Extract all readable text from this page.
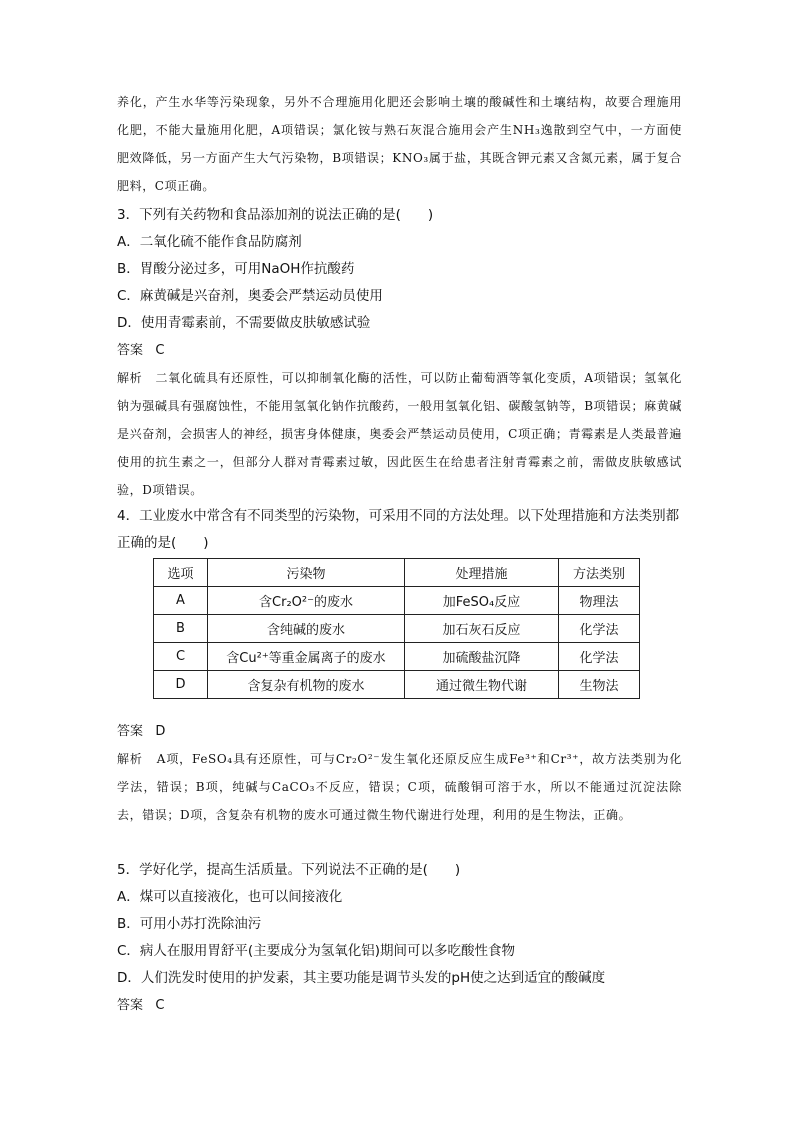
养化，产生水华等污染现象，另外不合理施用化肥还会影响土壤的酸碱性和土壤结构，故要合理施用化肥，不能大量施用化肥，A项错误；氯化铵与熟石灰混合施用会产生NH₃逸散到空气中，一方面使肥效降低，另一方面产生大气污染物，B项错误；KNO₃属于盐，其既含钾元素又含氮元素，属于复合肥料，C项正确。

3．下列有关药物和食品添加剂的说法正确的是(　　)

A．二氧化硫不能作食品防腐剂

B．胃酸分泌过多，可用NaOH作抗酸药

C．麻黄碱是兴奋剂，奥委会严禁运动员使用

D．使用青霉素前，不需要做皮肤敏感试验

答案 C

解析 二氧化硫具有还原性，可以抑制氧化酶的活性，可以防止葡萄酒等氧化变质，A项错误；氢氧化钠为强碱具有强腐蚀性，不能用氢氧化钠作抗酸药，一般用氢氧化铝、碳酸氢钠等，B项错误；麻黄碱是兴奋剂，会损害人的神经，损害身体健康，奥委会严禁运动员使用，C项正确；青霉素是人类最普遍使用的抗生素之一，但部分人群对青霉素过敏，因此医生在给患者注射青霉素之前，需做皮肤敏感试验，D项错误。

4．工业废水中常含有不同类型的污染物，可采用不同的方法处理。以下处理措施和方法类别都正确的是(　　)

选项	污染物	处理措施	方法类别
A	含Cr₂O²⁻的废水	加FeSO₄反应	物理法
B	含纯碱的废水	加石灰石反应	化学法
C	含Cu²⁺等重金属离子的废水	加硫酸盐沉降	化学法
D	含复杂有机物的废水	通过微生物代谢	生物法

答案 D

解析 A项，FeSO₄具有还原性，可与Cr₂O²⁻发生氧化还原反应生成Fe³⁺和Cr³⁺，故方法类别为化学法，错误；B项，纯碱与CaCO₃不反应，错误；C项，硫酸铜可溶于水，所以不能通过沉淀法除去，错误；D项，含复杂有机物的废水可通过微生物代谢进行处理，利用的是生物法，正确。

5．学好化学，提高生活质量。下列说法不正确的是(　　)

A．煤可以直接液化，也可以间接液化

B．可用小苏打洗除油污

C．病人在服用胃舒平(主要成分为氢氧化铝)期间可以多吃酸性食物

D．人们洗发时使用的护发素，其主要功能是调节头发的pH使之达到适宜的酸碱度

答案 C
